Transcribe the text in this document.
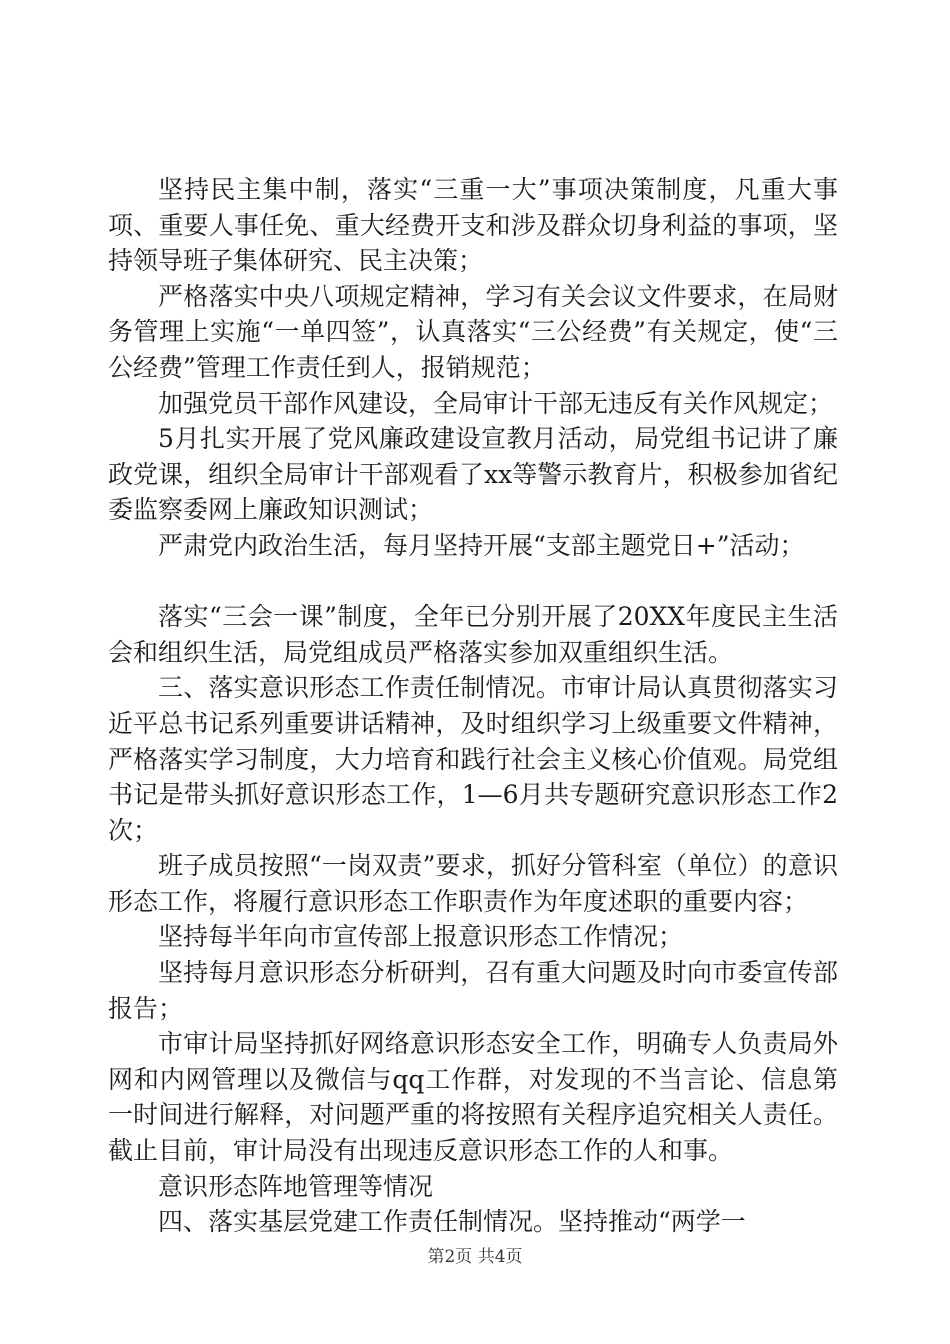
坚持民主集中制，落实“三重一大”事项决策制度，凡重大事项、重要人事任免、重大经费开支和涉及群众切身利益的事项，坚持领导班子集体研究、民主决策；

严格落实中央八项规定精神，学习有关会议文件要求，在局财务管理上实施“一单四签”，认真落实“三公经费”有关规定，使“三公经费”管理工作责任到人，报销规范；

加强党员干部作风建设，全局审计干部无违反有关作风规定；

5月扎实开展了党风廉政建设宣教月活动，局党组书记讲了廉政党课，组织全局审计干部观看了xx等警示教育片，积极参加省纪委监察委网上廉政知识测试；

严肃党内政治生活，每月坚持开展“支部主题党日+”活动；

落实“三会一课”制度，全年已分别开展了20XX年度民主生活会和组织生活，局党组成员严格落实参加双重组织生活。

三、落实意识形态工作责任制情况。市审计局认真贯彻落实习近平总书记系列重要讲话精神，及时组织学习上级重要文件精神，严格落实学习制度，大力培育和践行社会主义核心价值观。局党组书记是带头抓好意识形态工作，1—6月共专题研究意识形态工作2次；

班子成员按照“一岗双责”要求，抓好分管科室（单位）的意识形态工作，将履行意识形态工作职责作为年度述职的重要内容；

坚持每半年向市宣传部上报意识形态工作情况；

坚持每月意识形态分析研判，召有重大问题及时向市委宣传部报告；

市审计局坚持抓好网络意识形态安全工作，明确专人负责局外网和内网管理以及微信与qq工作群，对发现的不当言论、信息第一时间进行解释，对问题严重的将按照有关程序追究相关人责任。截止目前，审计局没有出现违反意识形态工作的人和事。

意识形态阵地管理等情况

四、落实基层党建工作责任制情况。坚持推动“两学一

第2页 共4页
